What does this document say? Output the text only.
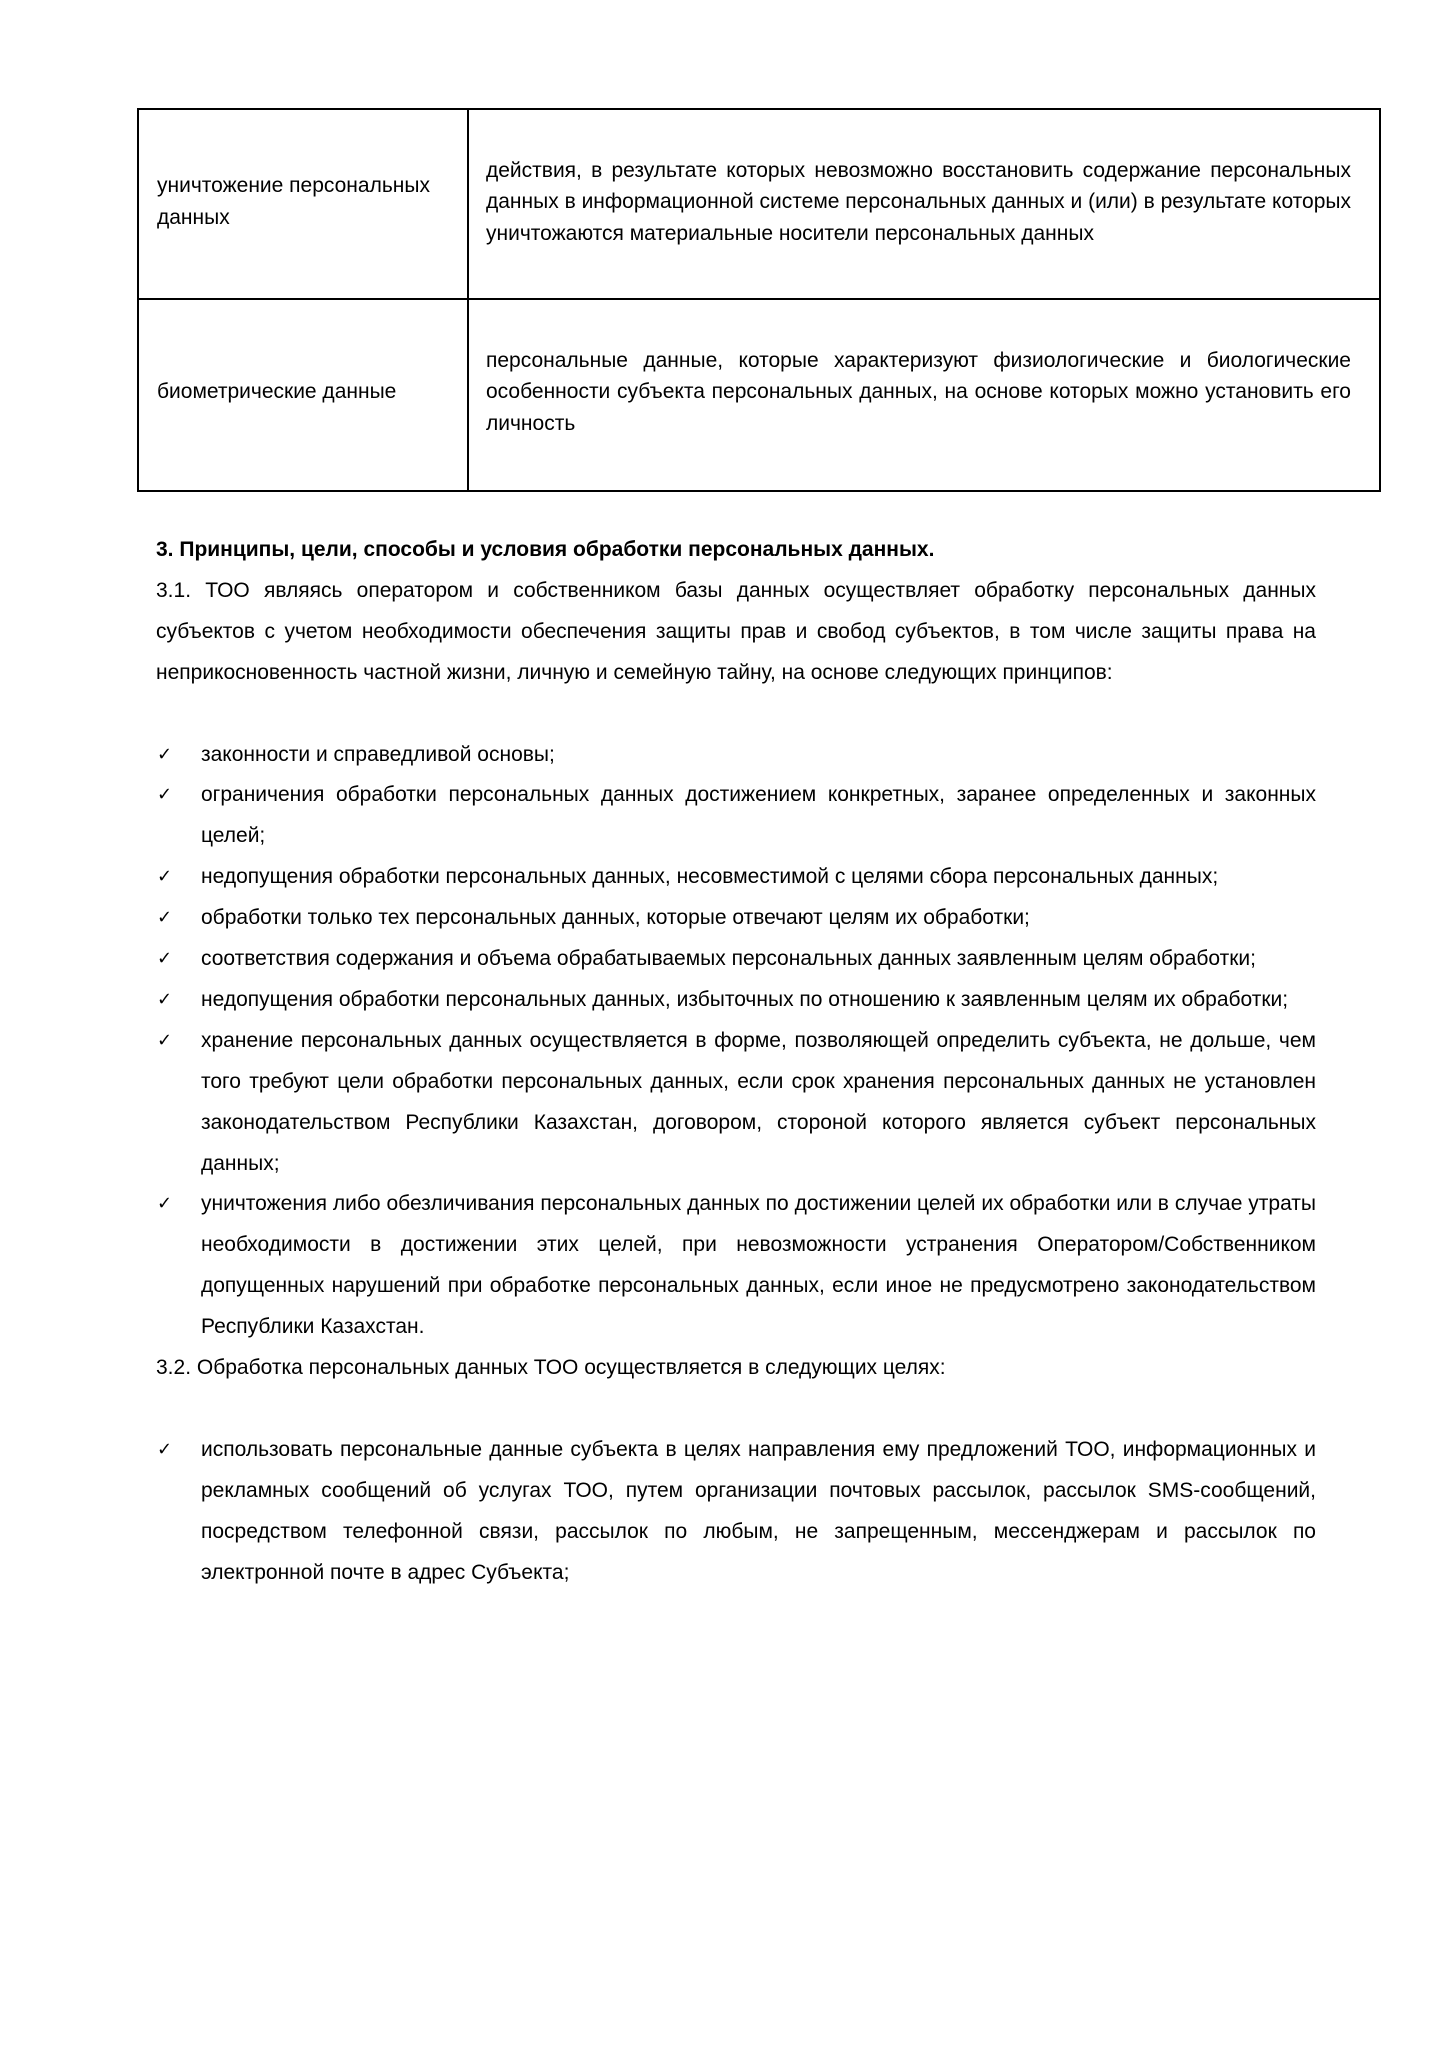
уничтожение персональных данных	действия, в результате которых невозможно восстановить содержание персональных данных в информационной системе персональных данных и (или) в результате которых уничтожаются материальные носители персональных данных
биометрические данные	персональные данные, которые характеризуют физиологические и биологические особенности субъекта персональных данных, на основе которых можно установить его личность

3. Принципы, цели, способы и условия обработки персональных данных.

3.1. ТОО являясь оператором и собственником базы данных осуществляет обработку персональных данных субъектов с учетом необходимости обеспечения защиты прав и свобод субъектов, в том числе защиты права на неприкосновенность частной жизни, личную и семейную тайну, на основе следующих принципов:

✓ законности и справедливой основы;
✓ ограничения обработки персональных данных достижением конкретных, заранее определенных и законных целей;
✓ недопущения обработки персональных данных, несовместимой с целями сбора персональных данных;
✓ обработки только тех персональных данных, которые отвечают целям их обработки;
✓ соответствия содержания и объема обрабатываемых персональных данных заявленным целям обработки;
✓ недопущения обработки персональных данных, избыточных по отношению к заявленным целям их обработки;
✓ хранение персональных данных осуществляется в форме, позволяющей определить субъекта, не дольше, чем того требуют цели обработки персональных данных, если срок хранения персональных данных не установлен законодательством Республики Казахстан, договором, стороной которого является субъект персональных данных;
✓ уничтожения либо обезличивания персональных данных по достижении целей их обработки или в случае утраты необходимости в достижении этих целей, при невозможности устранения Оператором/Собственником допущенных нарушений при обработке персональных данных, если иное не предусмотрено законодательством Республики Казахстан.

3.2. Обработка персональных данных ТОО осуществляется в следующих целях:

✓ использовать персональные данные субъекта в целях направления ему предложений ТОО, информационных и рекламных сообщений об услугах ТОО, путем организации почтовых рассылок, рассылок SMS-сообщений, посредством телефонной связи, рассылок по любым, не запрещенным, мессенджерам и рассылок по электронной почте в адрес Субъекта;
